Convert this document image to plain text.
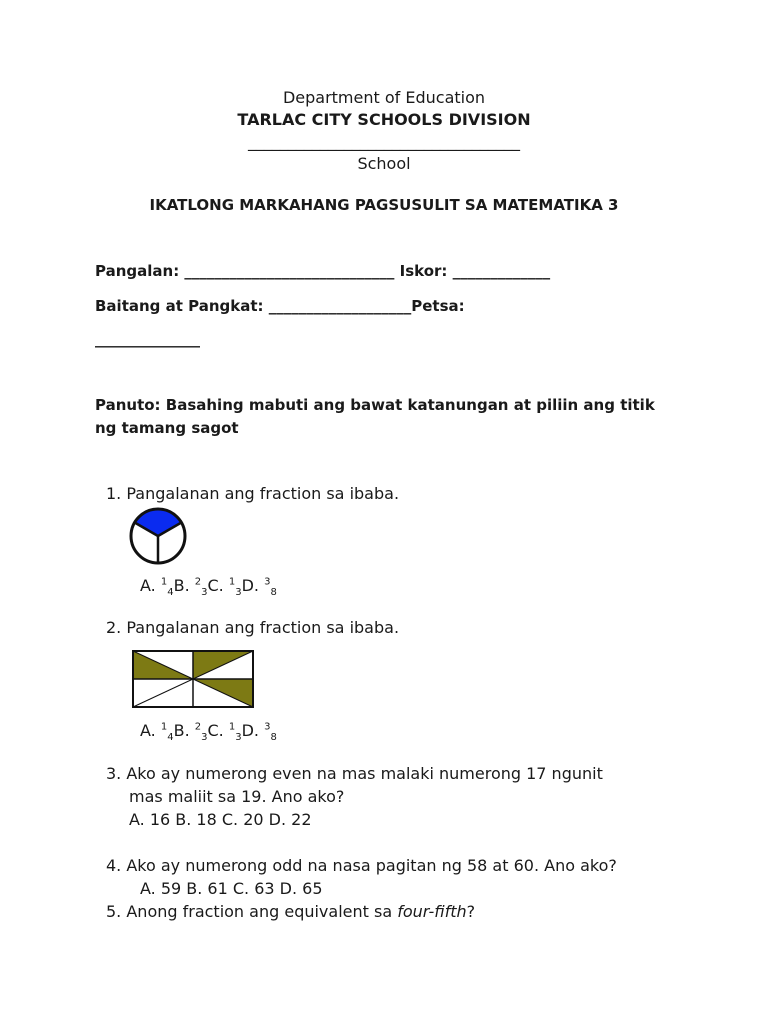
Department of Education
TARLAC CITY SCHOOLS DIVISION
__________________________________
School
IKATLONG MARKAHANG PAGSUSULIT SA MATEMATIKA 3
Pangalan: ____________________________ Iskor: _____________
Baitang at Pangkat: ___________________Petsa:
______________
Panuto: Basahing mabuti ang bawat katanungan at piliin ang titik
ng tamang sagot
1. Pangalanan ang fraction sa ibaba.
A. $^1_4$B. $^2_3$C. $^1_3$D. $^3_8$
2. Pangalanan ang fraction sa ibaba.
A. $^1_4$B. $^2_3$C. $^1_3$D. $^3_8$
3. Ako ay numerong even na mas malaki numerong 17 ngunit
mas maliit sa 19. Ano ako?
A. 16 B. 18 C. 20 D. 22
4. Ako ay numerong odd na nasa pagitan ng 58 at 60. Ano ako?
A. 59 B. 61 C. 63 D. 65
5. Anong fraction ang equivalent sa four-fifth?
